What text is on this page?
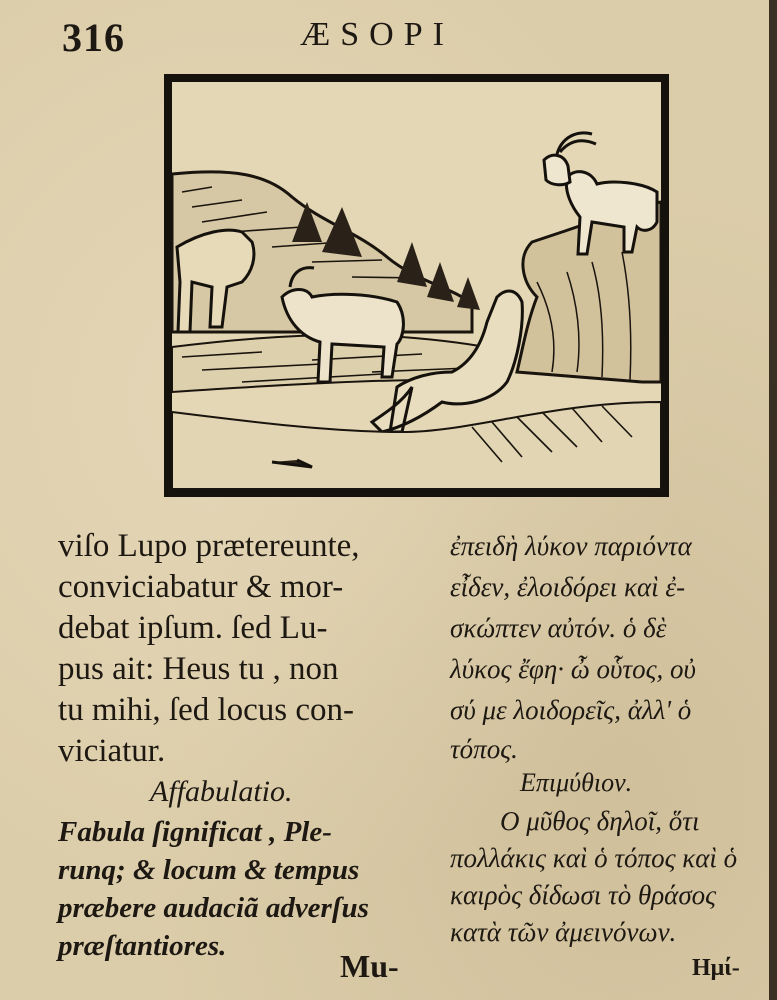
316	ÆSOPI
viſo Lupo prætereunte,
conviciabatur & mor-
debat ipſum. ſed Lu-
pus ait: Heus tu , non
tu mihi, ſed locus con-
viciatur.
Affabulatio.
Fabula ſignificat , Ple-
runq; & locum & tempus
præbere audaciã adverſus
præſtantiores.
Mu-
ἐπειδὴ λύκον παριόντα
εἶδεν, ἐλοιδόρει καὶ ἐ-
σκώπτεν αὐτόν. ὁ δὲ
λύκος ἔφη· ὦ οὗτος, οὐ
σύ με λοιδορεῖς, ἀλλ' ὁ
τόπος.
Επιμύθιον.
Ο μῦθος δηλοῖ, ὅτι
πολλάκις καὶ ὁ τόπος καὶ ὁ
καιρὸς δίδωσι τὸ θράσος
κατὰ τῶν ἀμεινόνων.
Ημί-
